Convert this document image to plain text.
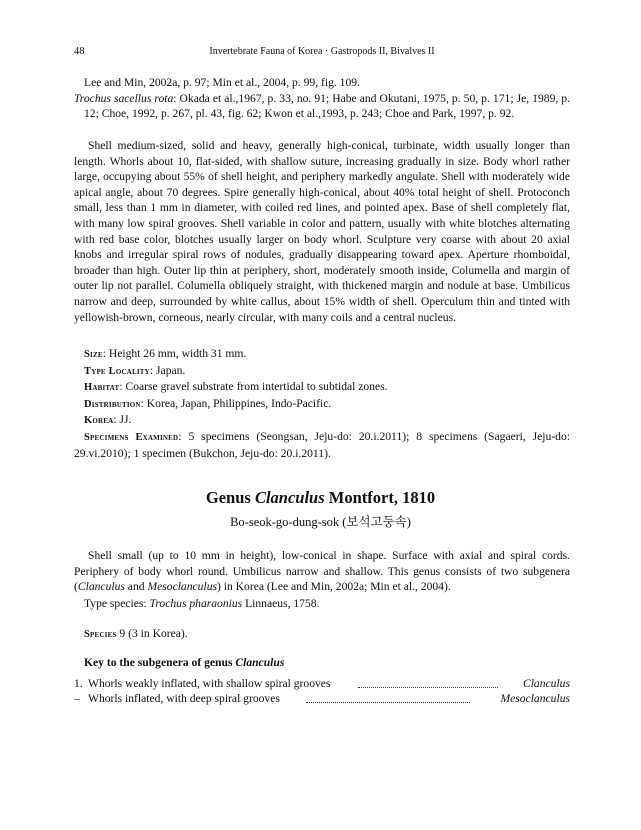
48	Invertebrate Fauna of Korea · Gastropods II, Bivalves II
Lee and Min, 2002a, p. 97; Min et al., 2004, p. 99, fig. 109.
Trochus sacellus rota: Okada et al.,1967, p. 33, no. 91; Habe and Okutani, 1975, p. 50, p. 171; Je, 1989, p. 12; Choe, 1992, p. 267, pl. 43, fig. 62; Kwon et al.,1993, p. 243; Choe and Park, 1997, p. 92.
Shell medium-sized, solid and heavy, generally high-conical, turbinate, width usually longer than length. Whorls about 10, flat-sided, with shallow suture, increasing gradually in size. Body whorl rather large, occupying about 55% of shell height, and periphery markedly angulate. Shell with moderately wide apical angle, about 70 degrees. Spire generally high-conical, about 40% total height of shell. Protoconch small, less than 1 mm in diameter, with coiled red lines, and pointed apex. Base of shell completely flat, with many low spiral grooves. Shell variable in color and pattern, usually with white blotches alternating with red base color, blotches usually larger on body whorl. Sculpture very coarse with about 20 axial knobs and irregular spiral rows of nodules, gradually disappearing toward apex. Aperture rhomboidal, broader than high. Outer lip thin at periphery, short, moderately smooth inside, Columella and margin of outer lip not parallel. Columella obliquely straight, with thickened margin and nodule at base. Umbilicus narrow and deep, surrounded by white callus, about 15% width of shell. Operculum thin and tinted with yellowish-brown, corneous, nearly circular, with many coils and a central nucleus.
Size: Height 26 mm, width 31 mm.
Type Locality: Japan.
Habitat: Coarse gravel substrate from intertidal to subtidal zones.
Distribution: Korea, Japan, Philippines, Indo-Pacific.
Korea: JJ.
Specimens Examined: 5 specimens (Seongsan, Jeju-do: 20.i.2011); 8 specimens (Sagaeri, Jeju-do: 29.vi.2010); 1 specimen (Bukchon, Jeju-do: 20.i.2011).
Genus Clanculus Montfort, 1810
Bo-seok-go-dung-sok (보석고둥속)
Shell small (up to 10 mm in height), low-conical in shape. Surface with axial and spiral cords. Periphery of body whorl round. Umbilicus narrow and shallow. This genus consists of two subgenera (Clanculus and Mesoclanculus) in Korea (Lee and Min, 2002a; Min et al., 2004).
Type species: Trochus pharaonius Linnaeus, 1758.
Species 9 (3 in Korea).
Key to the subgenera of genus Clanculus
1. Whorls weakly inflated, with shallow spiral grooves	Clanculus
– Whorls inflated, with deep spiral grooves	Mesoclanculus
